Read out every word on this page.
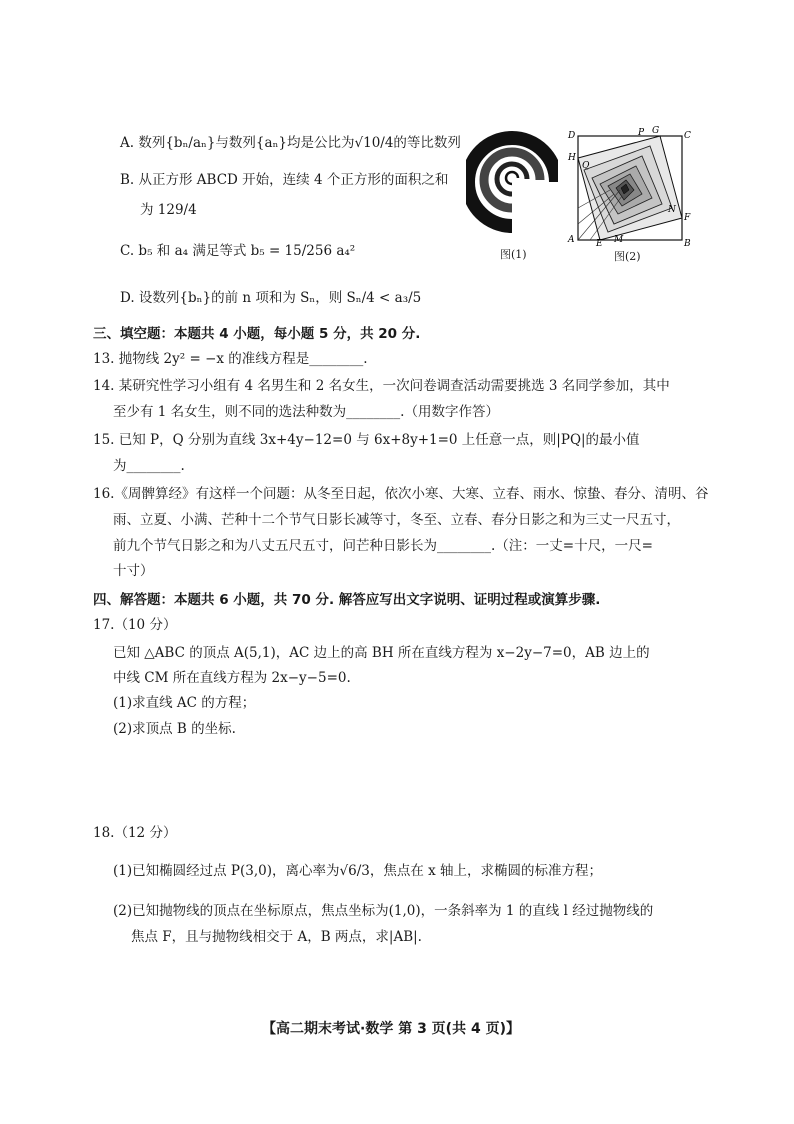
A. 数列{bₙ/aₙ}与数列{aₙ}均是公比为√10/4的等比数列
B. 从正方形 ABCD 开始，连续 4 个正方形的面积之和
为 129/4
C. b₅ 和 a₄ 满足等式 b₅ = 15/256 a₄²
D. 设数列{bₙ}的前 n 项和为 Sₙ，则 Sₙ/4 < a₃/5
图(1)
D	P G	C
H
Q
N
F
A E M	B
图(2)
三、填空题：本题共 4 小题，每小题 5 分，共 20 分.
13. 抛物线 2y² = −x 的准线方程是________.
14. 某研究性学习小组有 4 名男生和 2 名女生，一次问卷调查活动需要挑选 3 名同学参加，其中
至少有 1 名女生，则不同的选法种数为________.（用数字作答）
15. 已知 P，Q 分别为直线 3x+4y−12=0 与 6x+8y+1=0 上任意一点，则|PQ|的最小值
为________.
16.《周髀算经》有这样一个问题：从冬至日起，依次小寒、大寒、立春、雨水、惊蛰、春分、清明、谷
雨、立夏、小满、芒种十二个节气日影长减等寸，冬至、立春、春分日影之和为三丈一尺五寸，
前九个节气日影之和为八丈五尺五寸，问芒种日影长为________.（注：一丈=十尺，一尺=
十寸）
四、解答题：本题共 6 小题，共 70 分. 解答应写出文字说明、证明过程或演算步骤.
17.（10 分）
已知 △ABC 的顶点 A(5,1)，AC 边上的高 BH 所在直线方程为 x−2y−7=0，AB 边上的
中线 CM 所在直线方程为 2x−y−5=0.
(1)求直线 AC 的方程；
(2)求顶点 B 的坐标.
18.（12 分）
(1)已知椭圆经过点 P(3,0)，离心率为√6/3，焦点在 x 轴上，求椭圆的标准方程；
(2)已知抛物线的顶点在坐标原点，焦点坐标为(1,0)，一条斜率为 1 的直线 l 经过抛物线的
焦点 F，且与抛物线相交于 A，B 两点，求|AB|.
【高二期末考试·数学 第 3 页(共 4 页)】
